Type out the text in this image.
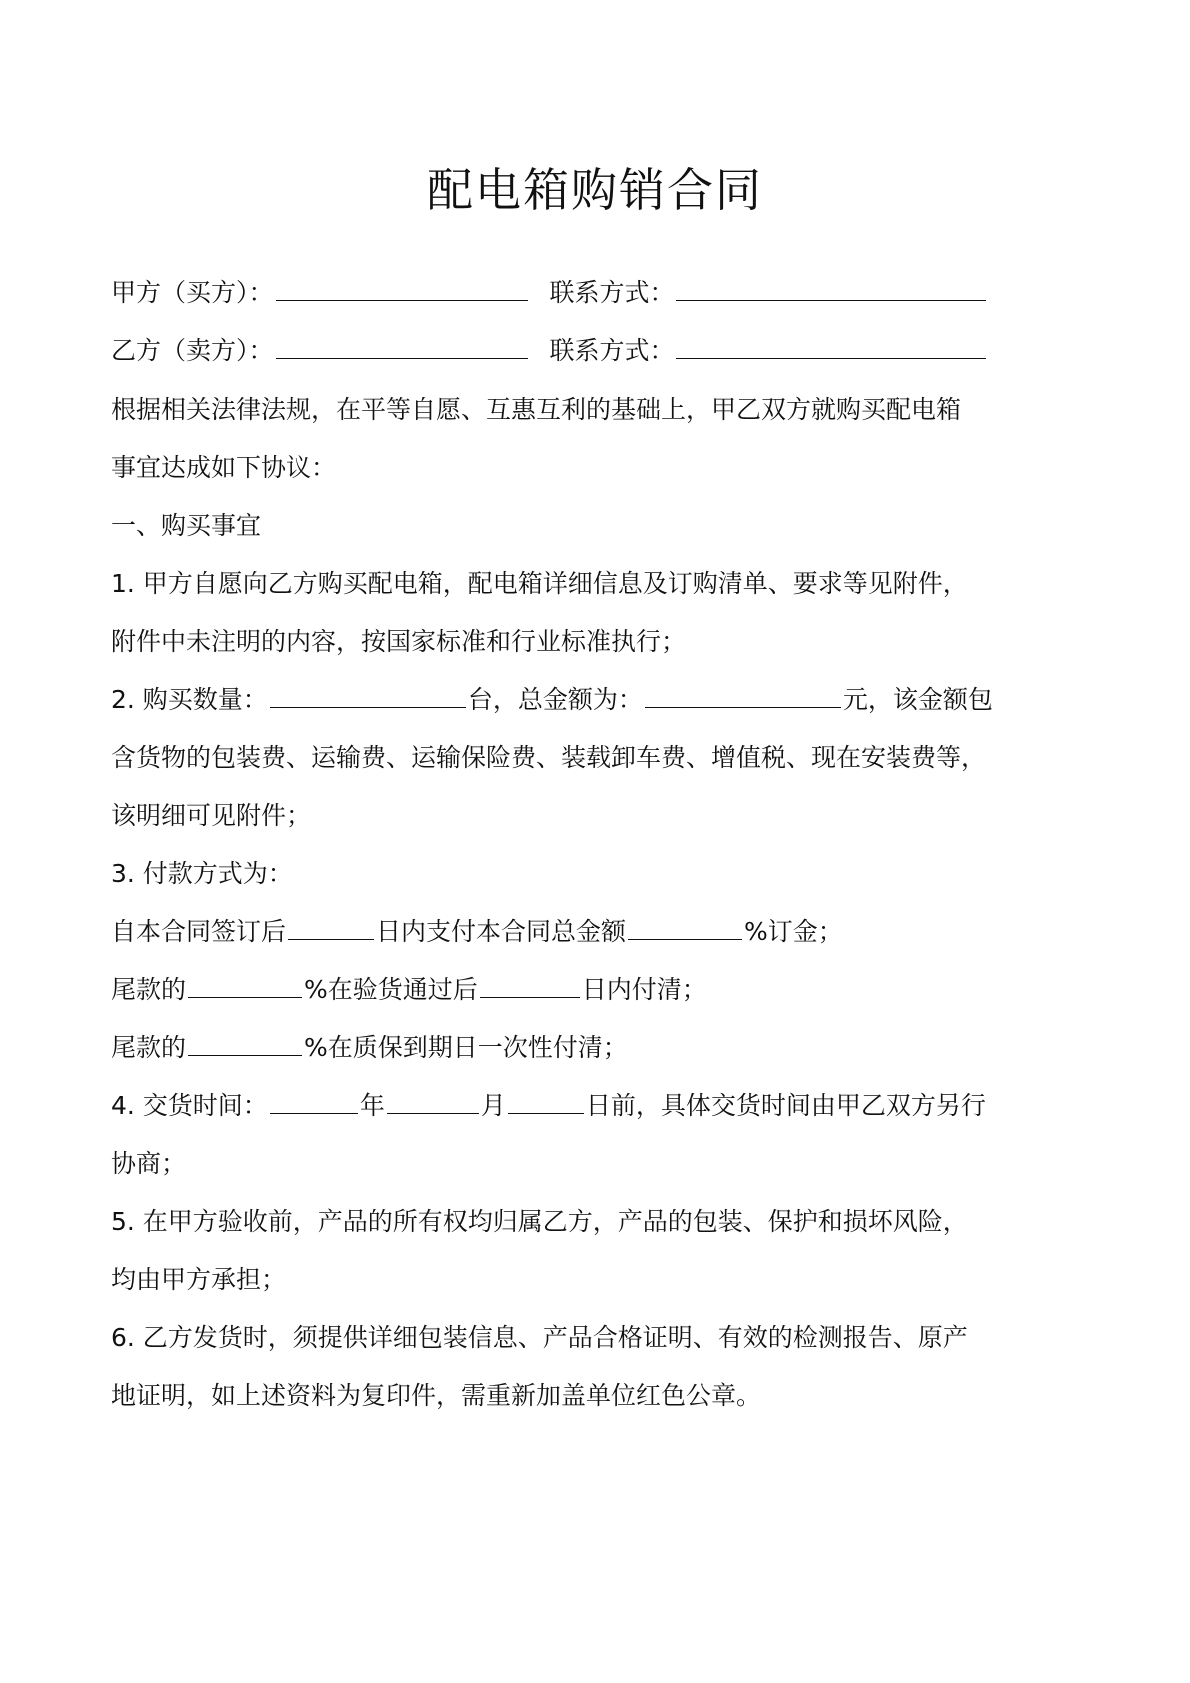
配电箱购销合同
甲方（买方）：	联系方式：
乙方（卖方）：	联系方式：
根据相关法律法规，在平等自愿、互惠互利的基础上，甲乙双方就购买配电箱
事宜达成如下协议：
一、购买事宜
1. 甲方自愿向乙方购买配电箱，配电箱详细信息及订购清单、要求等见附件，
附件中未注明的内容，按国家标准和行业标准执行；
2. 购买数量：	台，总金额为：	元，该金额包
含货物的包装费、运输费、运输保险费、装载卸车费、增值税、现在安装费等，
该明细可见附件；
3. 付款方式为：
自本合同签订后	日内支付本合同总金额	%订金；
尾款的	%在验货通过后	日内付清；
尾款的	%在质保到期日一次性付清；
4. 交货时间：	年	月	日前，具体交货时间由甲乙双方另行
协商；
5. 在甲方验收前，产品的所有权均归属乙方，产品的包装、保护和损坏风险，
均由甲方承担；
6. 乙方发货时，须提供详细包装信息、产品合格证明、有效的检测报告、原产
地证明，如上述资料为复印件，需重新加盖单位红色公章。
